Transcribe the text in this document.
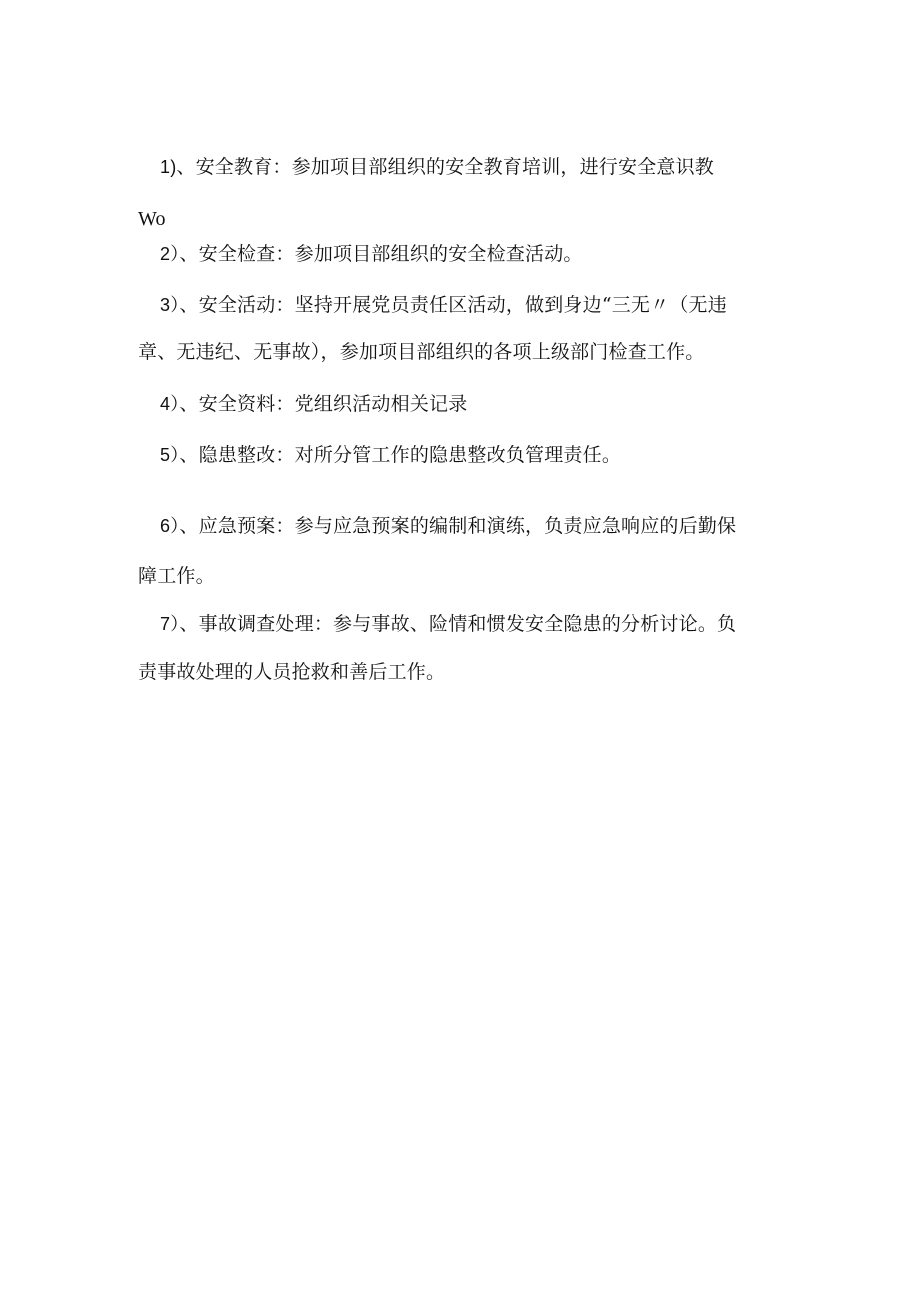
1)、安全教育：参加项目部组织的安全教育培训，进行安全意识教
Wo
2）、安全检查：参加项目部组织的安全检查活动。
3）、安全活动：坚持开展党员责任区活动，做到身边“三无〃（无违
章、无违纪、无事故），参加项目部组织的各项上级部门检查工作。
4）、安全资料：党组织活动相关记录
5）、隐患整改：对所分管工作的隐患整改负管理责任。
6）、应急预案：参与应急预案的编制和演练，负责应急响应的后勤保
障工作。
7）、事故调查处理：参与事故、险情和惯发安全隐患的分析讨论。负
责事故处理的人员抢救和善后工作。
